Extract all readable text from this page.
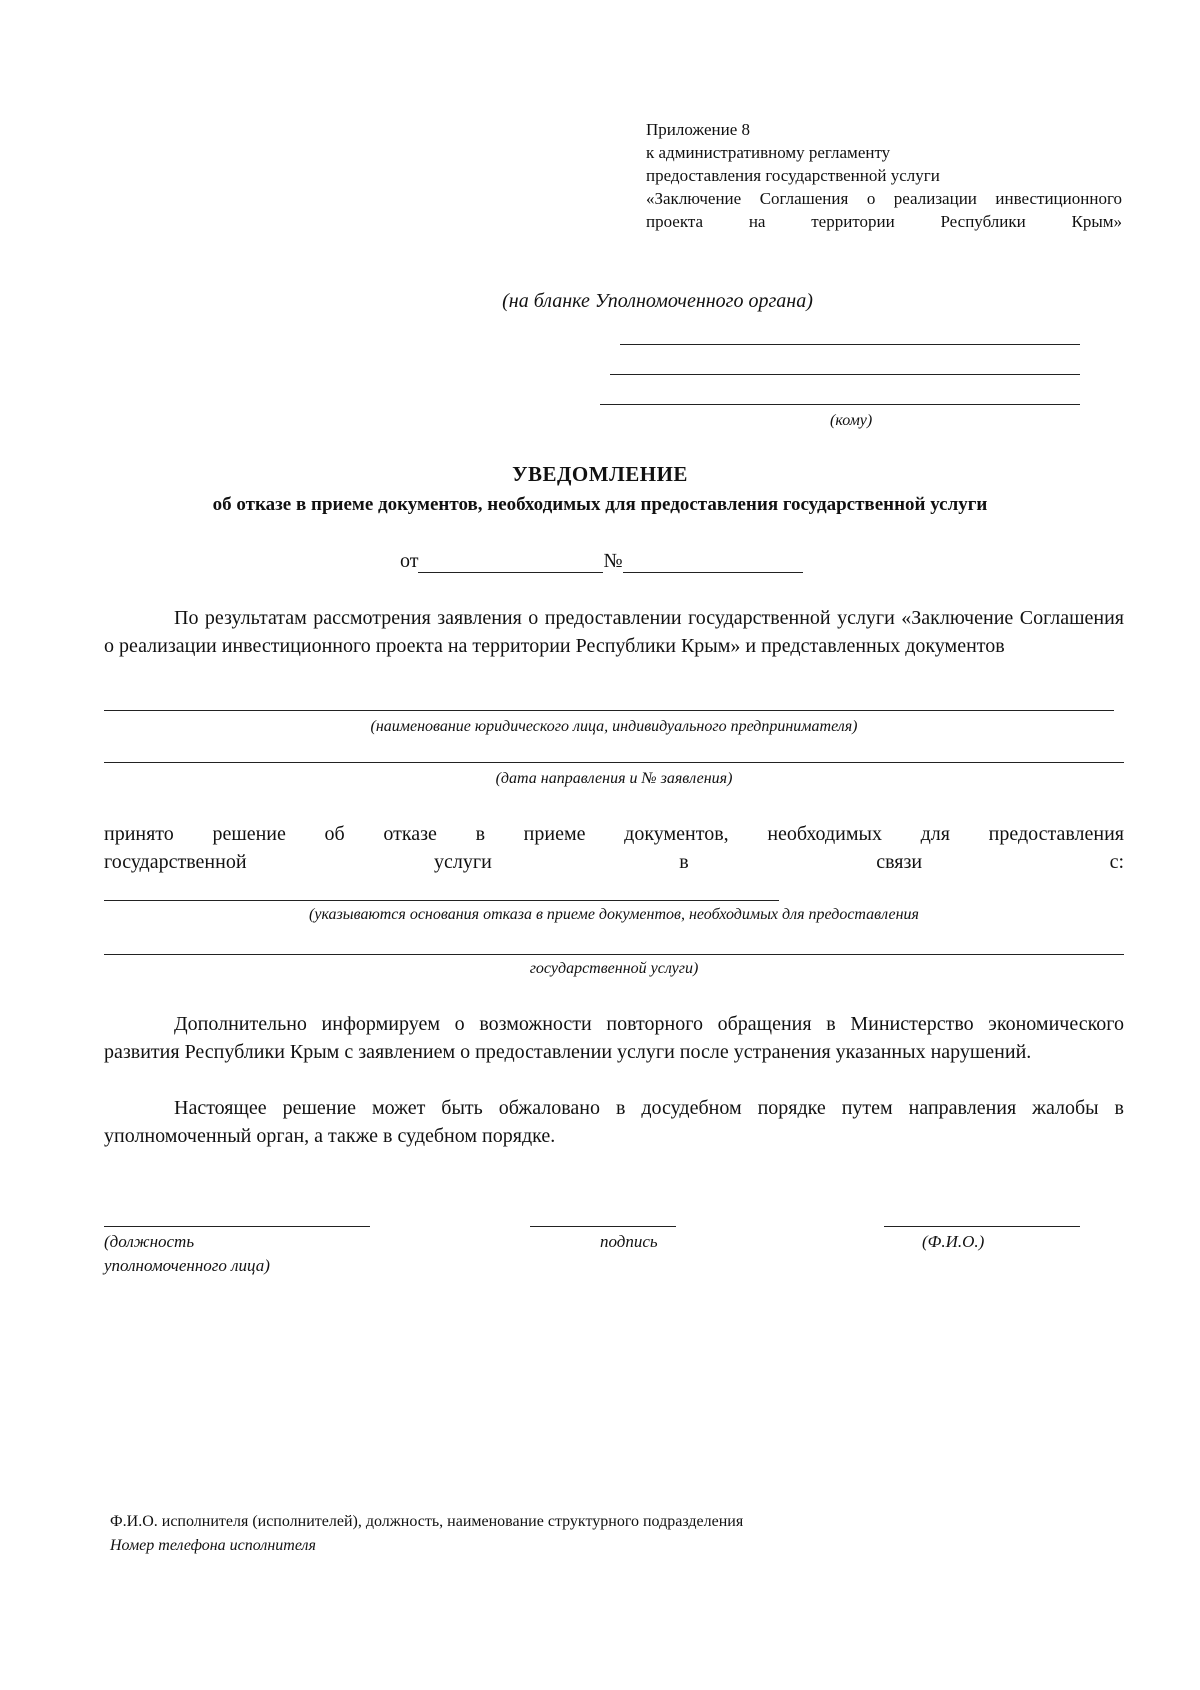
Приложение 8
к административному регламенту
предоставления государственной услуги
«Заключение Соглашения о реализации инвестиционного проекта на территории Республики Крым»
(на бланке Уполномоченного органа)
(кому)
УВЕДОМЛЕНИЕ
об отказе в приеме документов, необходимых для предоставления государственной услуги
от	№
По результатам рассмотрения заявления о предоставлении государственной услуги «Заключение Соглашения о реализации инвестиционного проекта на территории Республики Крым» и представленных документов
(наименование юридического лица, индивидуального предпринимателя)
(дата направления и № заявления)
принято решение об отказе в приеме документов, необходимых для предоставления
государственной	услуги	в	связи	с:
(указываются основания отказа в приеме документов, необходимых для предоставления
государственной услуги)
Дополнительно информируем о возможности повторного обращения в Министерство экономического развития Республики Крым с заявлением о предоставлении услуги после устранения указанных нарушений.
Настоящее решение может быть обжаловано в досудебном порядке путем направления жалобы в уполномоченный орган, а также в судебном порядке.
(должность
уполномоченного лица)
подпись	(Ф.И.О.)
Ф.И.О. исполнителя (исполнителей), должность, наименование структурного подразделения
Номер телефона исполнителя
